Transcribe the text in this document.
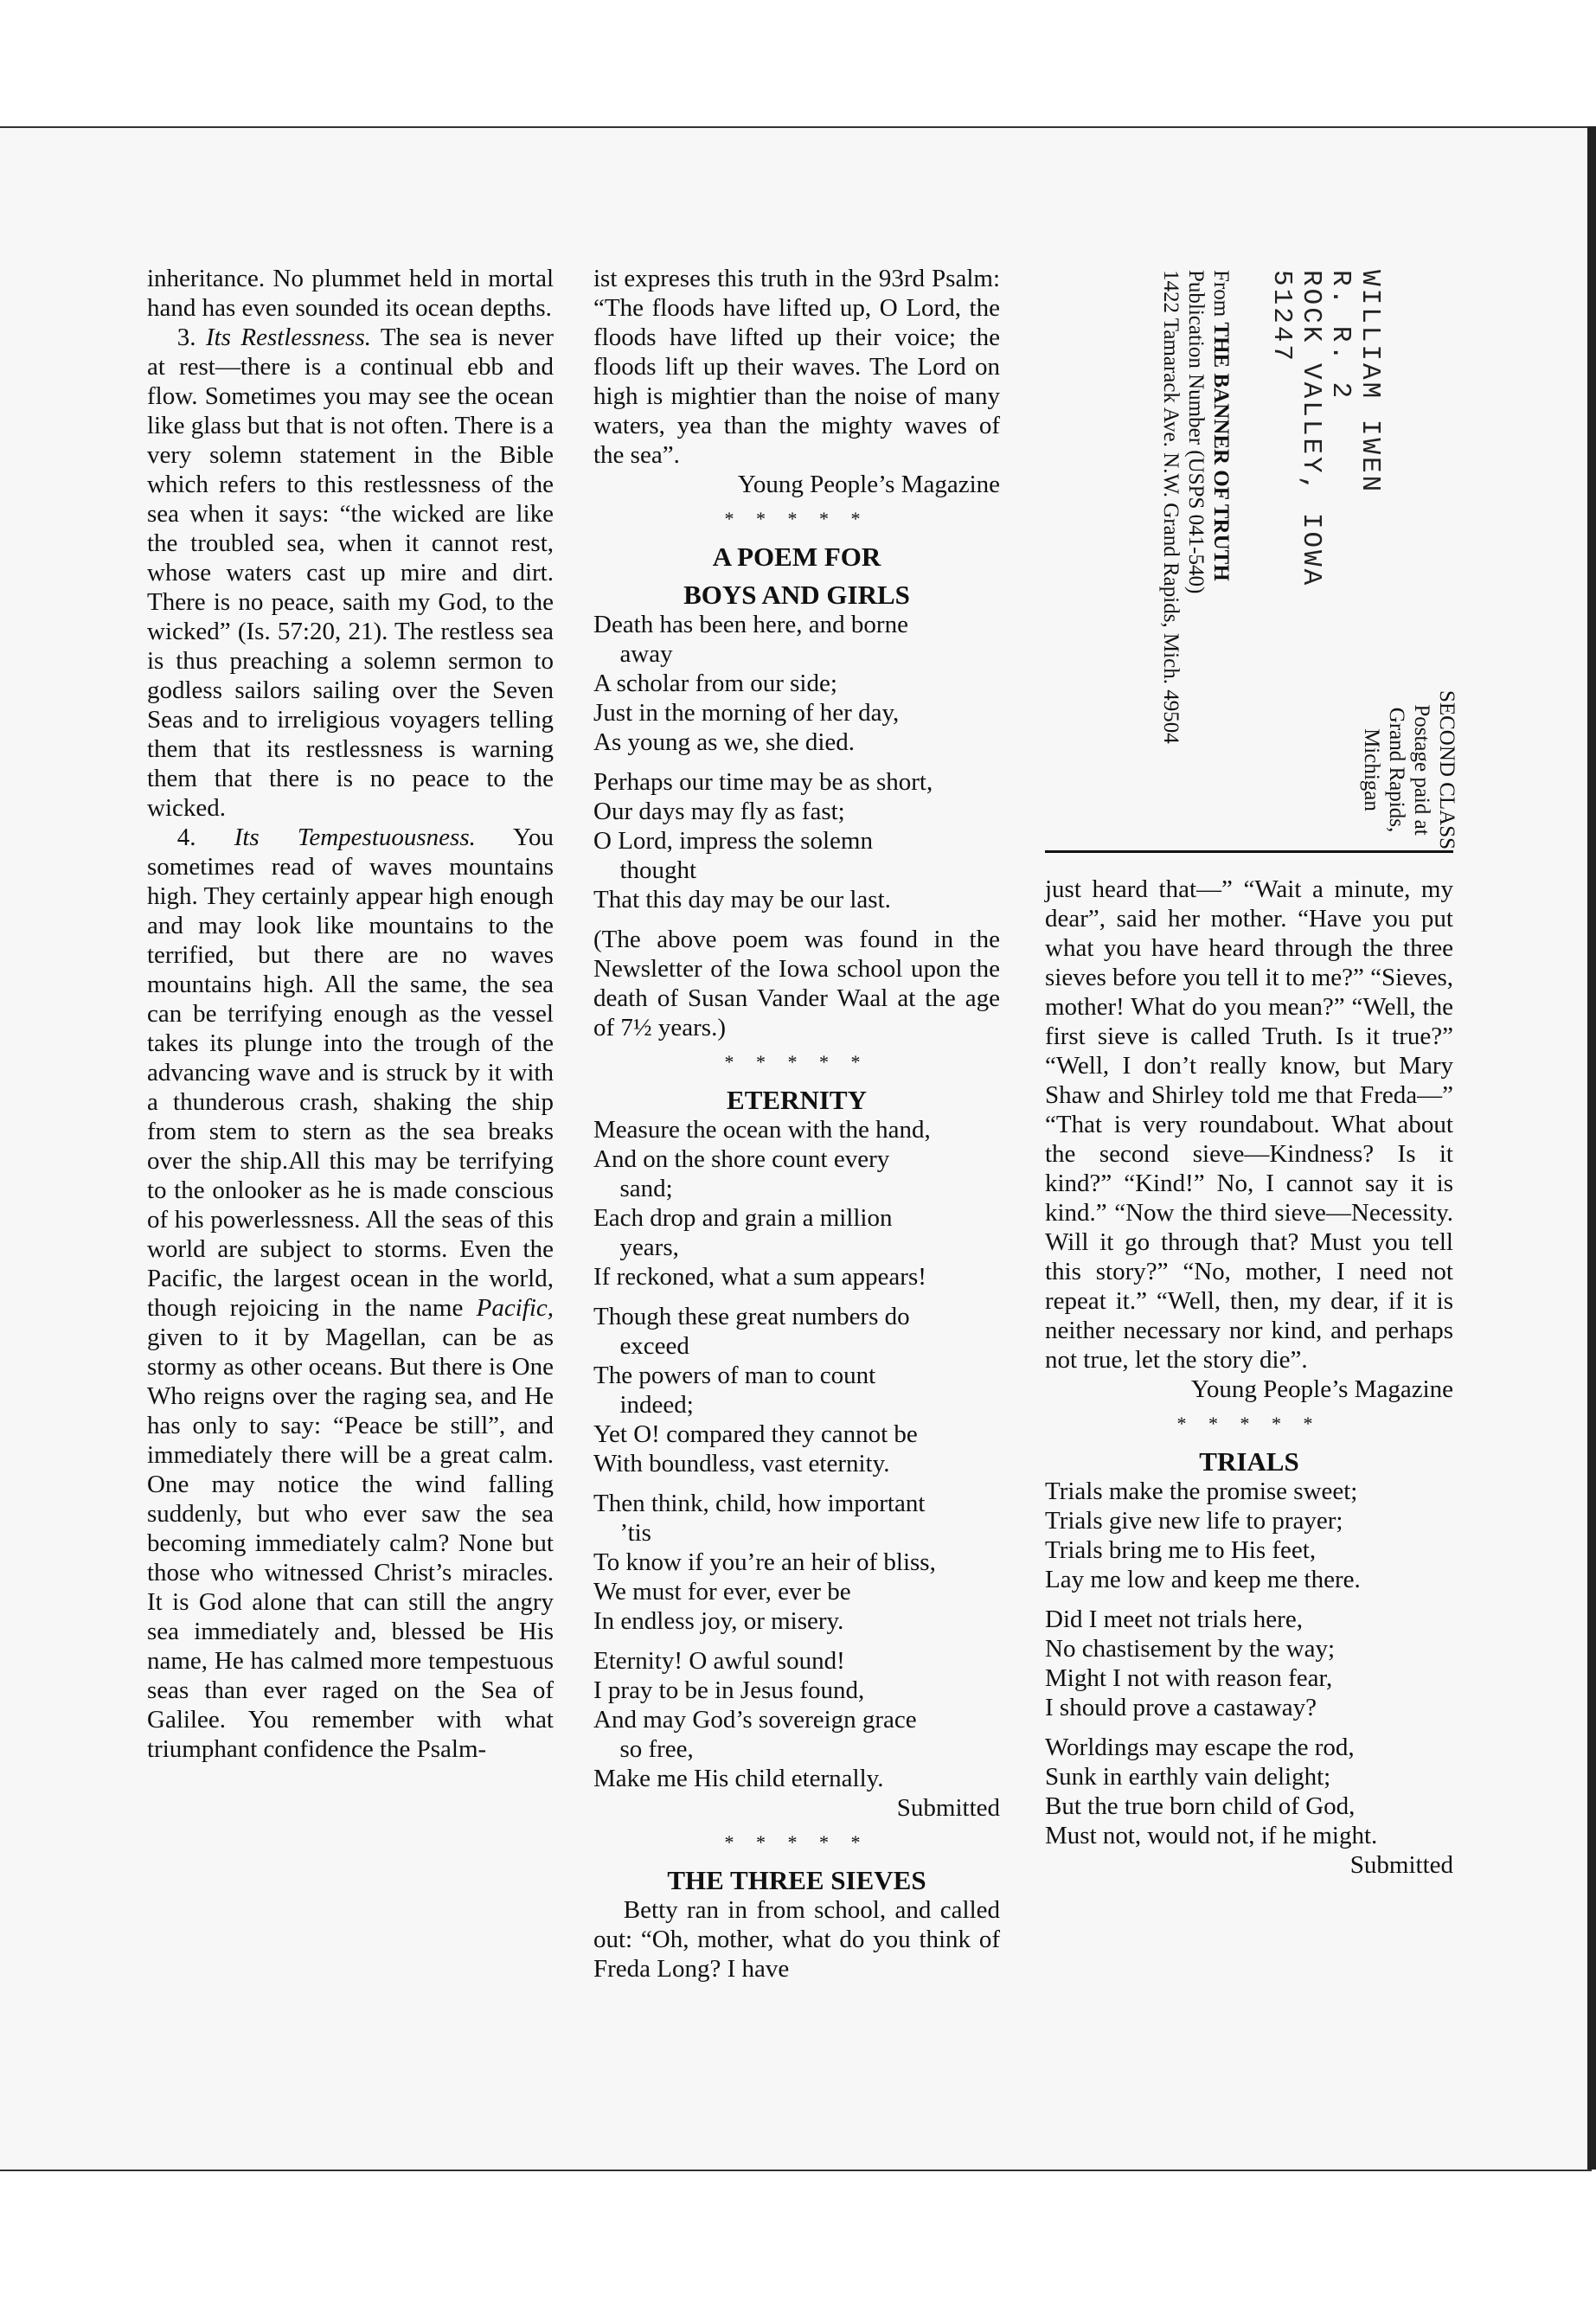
inheritance. No plummet held in mortal hand has even sounded its ocean depths.

3. Its Restlessness. The sea is never at rest—there is a continual ebb and flow. Sometimes you may see the ocean like glass but that is not often. There is a very solemn statement in the Bible which refers to this restlessness of the sea when it says: “the wicked are like the troubled sea, when it cannot rest, whose waters cast up mire and dirt. There is no peace, saith my God, to the wicked” (Is. 57:20, 21). The restless sea is thus preaching a solemn sermon to godless sailors sailing over the Seven Seas and to irreligious voyagers telling them that its restlessness is warning them that there is no peace to the wicked.

4. Its Tempestuousness. You sometimes read of waves mountains high. They certainly appear high enough and may look like mountains to the terrified, but there are no waves mountains high. All the same, the sea can be terrifying enough as the vessel takes its plunge into the trough of the advancing wave and is struck by it with a thunderous crash, shaking the ship from stem to stern as the sea breaks over the ship.All this may be terrifying to the onlooker as he is made conscious of his powerlessness. All the seas of this world are subject to storms. Even the Pacific, the largest ocean in the world, though rejoicing in the name Pacific, given to it by Magellan, can be as stormy as other oceans. But there is One Who reigns over the raging sea, and He has only to say: “Peace be still”, and immediately there will be a great calm. One may notice the wind falling suddenly, but who ever saw the sea becoming immediately calm? None but those who witnessed Christ’s miracles. It is God alone that can still the angry sea immediately and, blessed be His name, He has calmed more tempestuous seas than ever raged on the Sea of Galilee. You remember with what triumphant confidence the Psalm-

ist expreses this truth in the 93rd Psalm: “The floods have lifted up, O Lord, the floods have lifted up their voice; the floods lift up their waves. The Lord on high is mightier than the noise of many waters, yea than the mighty waves of the sea”.

Young People’s Magazine

* * * * *

A POEM FOR

BOYS AND GIRLS

Death has been here, and borne

away

A scholar from our side;

Just in the morning of her day,

As young as we, she died.

Perhaps our time may be as short,

Our days may fly as fast;

O Lord, impress the solemn

thought

That this day may be our last.

(The above poem was found in the Newsletter of the Iowa school upon the death of Susan Vander Waal at the age of 7½ years.)

* * * * *

ETERNITY

Measure the ocean with the hand,

And on the shore count every

sand;

Each drop and grain a million

years,

If reckoned, what a sum appears!

Though these great numbers do

exceed

The powers of man to count

indeed;

Yet O! compared they cannot be

With boundless, vast eternity.

Then think, child, how important

’tis

To know if you’re an heir of bliss,

We must for ever, ever be

In endless joy, or misery.

Eternity! O awful sound!

I pray to be in Jesus found,

And may God’s sovereign grace

so free,

Make me His child eternally.

Submitted

* * * * *

THE THREE SIEVES

Betty ran in from school, and called out: “Oh, mother, what do you think of Freda Long? I have

WILLIAM IWEN
R. R. 2
ROCK VALLEY, IOWA 51247
From THE BANNER OF TRUTH
Publication Number (USPS 041-540)
1422 Tamarack Ave. N.W. Grand Rapids, Mich. 49504
SECOND CLASS
Postage paid at
Grand Rapids, Michigan

just heard that—” “Wait a minute, my dear”, said her mother. “Have you put what you have heard through the three sieves before you tell it to me?” “Sieves, mother! What do you mean?” “Well, the first sieve is called Truth. Is it true?” “Well, I don’t really know, but Mary Shaw and Shirley told me that Freda—” “That is very roundabout. What about the second sieve—Kindness? Is it kind?” “Kind!” No, I cannot say it is kind.” “Now the third sieve—Necessity. Will it go through that? Must you tell this story?” “No, mother, I need not repeat it.” “Well, then, my dear, if it is neither necessary nor kind, and perhaps not true, let the story die”.

Young People’s Magazine

* * * * *

TRIALS

Trials make the promise sweet;

Trials give new life to prayer;

Trials bring me to His feet,

Lay me low and keep me there.

Did I meet not trials here,

No chastisement by the way;

Might I not with reason fear,

I should prove a castaway?

Worldings may escape the rod,

Sunk in earthly vain delight;

But the true born child of God,

Must not, would not, if he might.

Submitted
